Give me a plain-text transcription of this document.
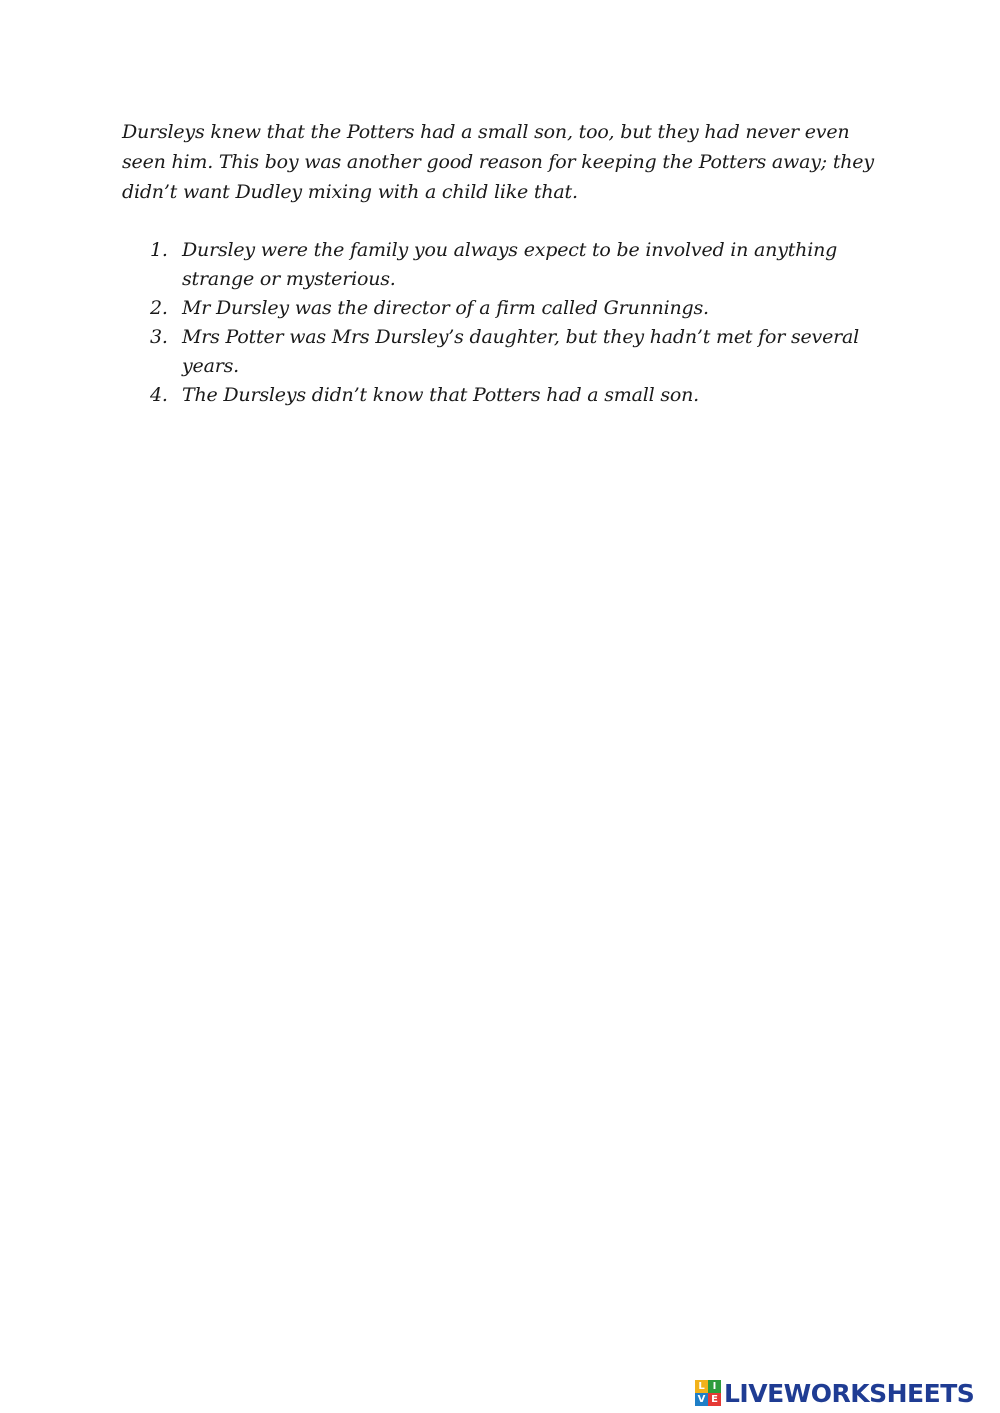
Dursleys knew that the Potters had a small son, too, but they had never even seen him. This boy was another good reason for keeping the Potters away; they didn’t want Dudley mixing with a child like that.

1. Dursley were the family you always expect to be involved in anything strange or mysterious.
2. Mr Dursley was the director of a firm called Grunnings.
3. Mrs Potter was Mrs Dursley’s daughter, but they hadn’t met for several years.
4. The Dursleys didn’t know that Potters had a small son.
L I
V E LIVEWORKSHEETS
